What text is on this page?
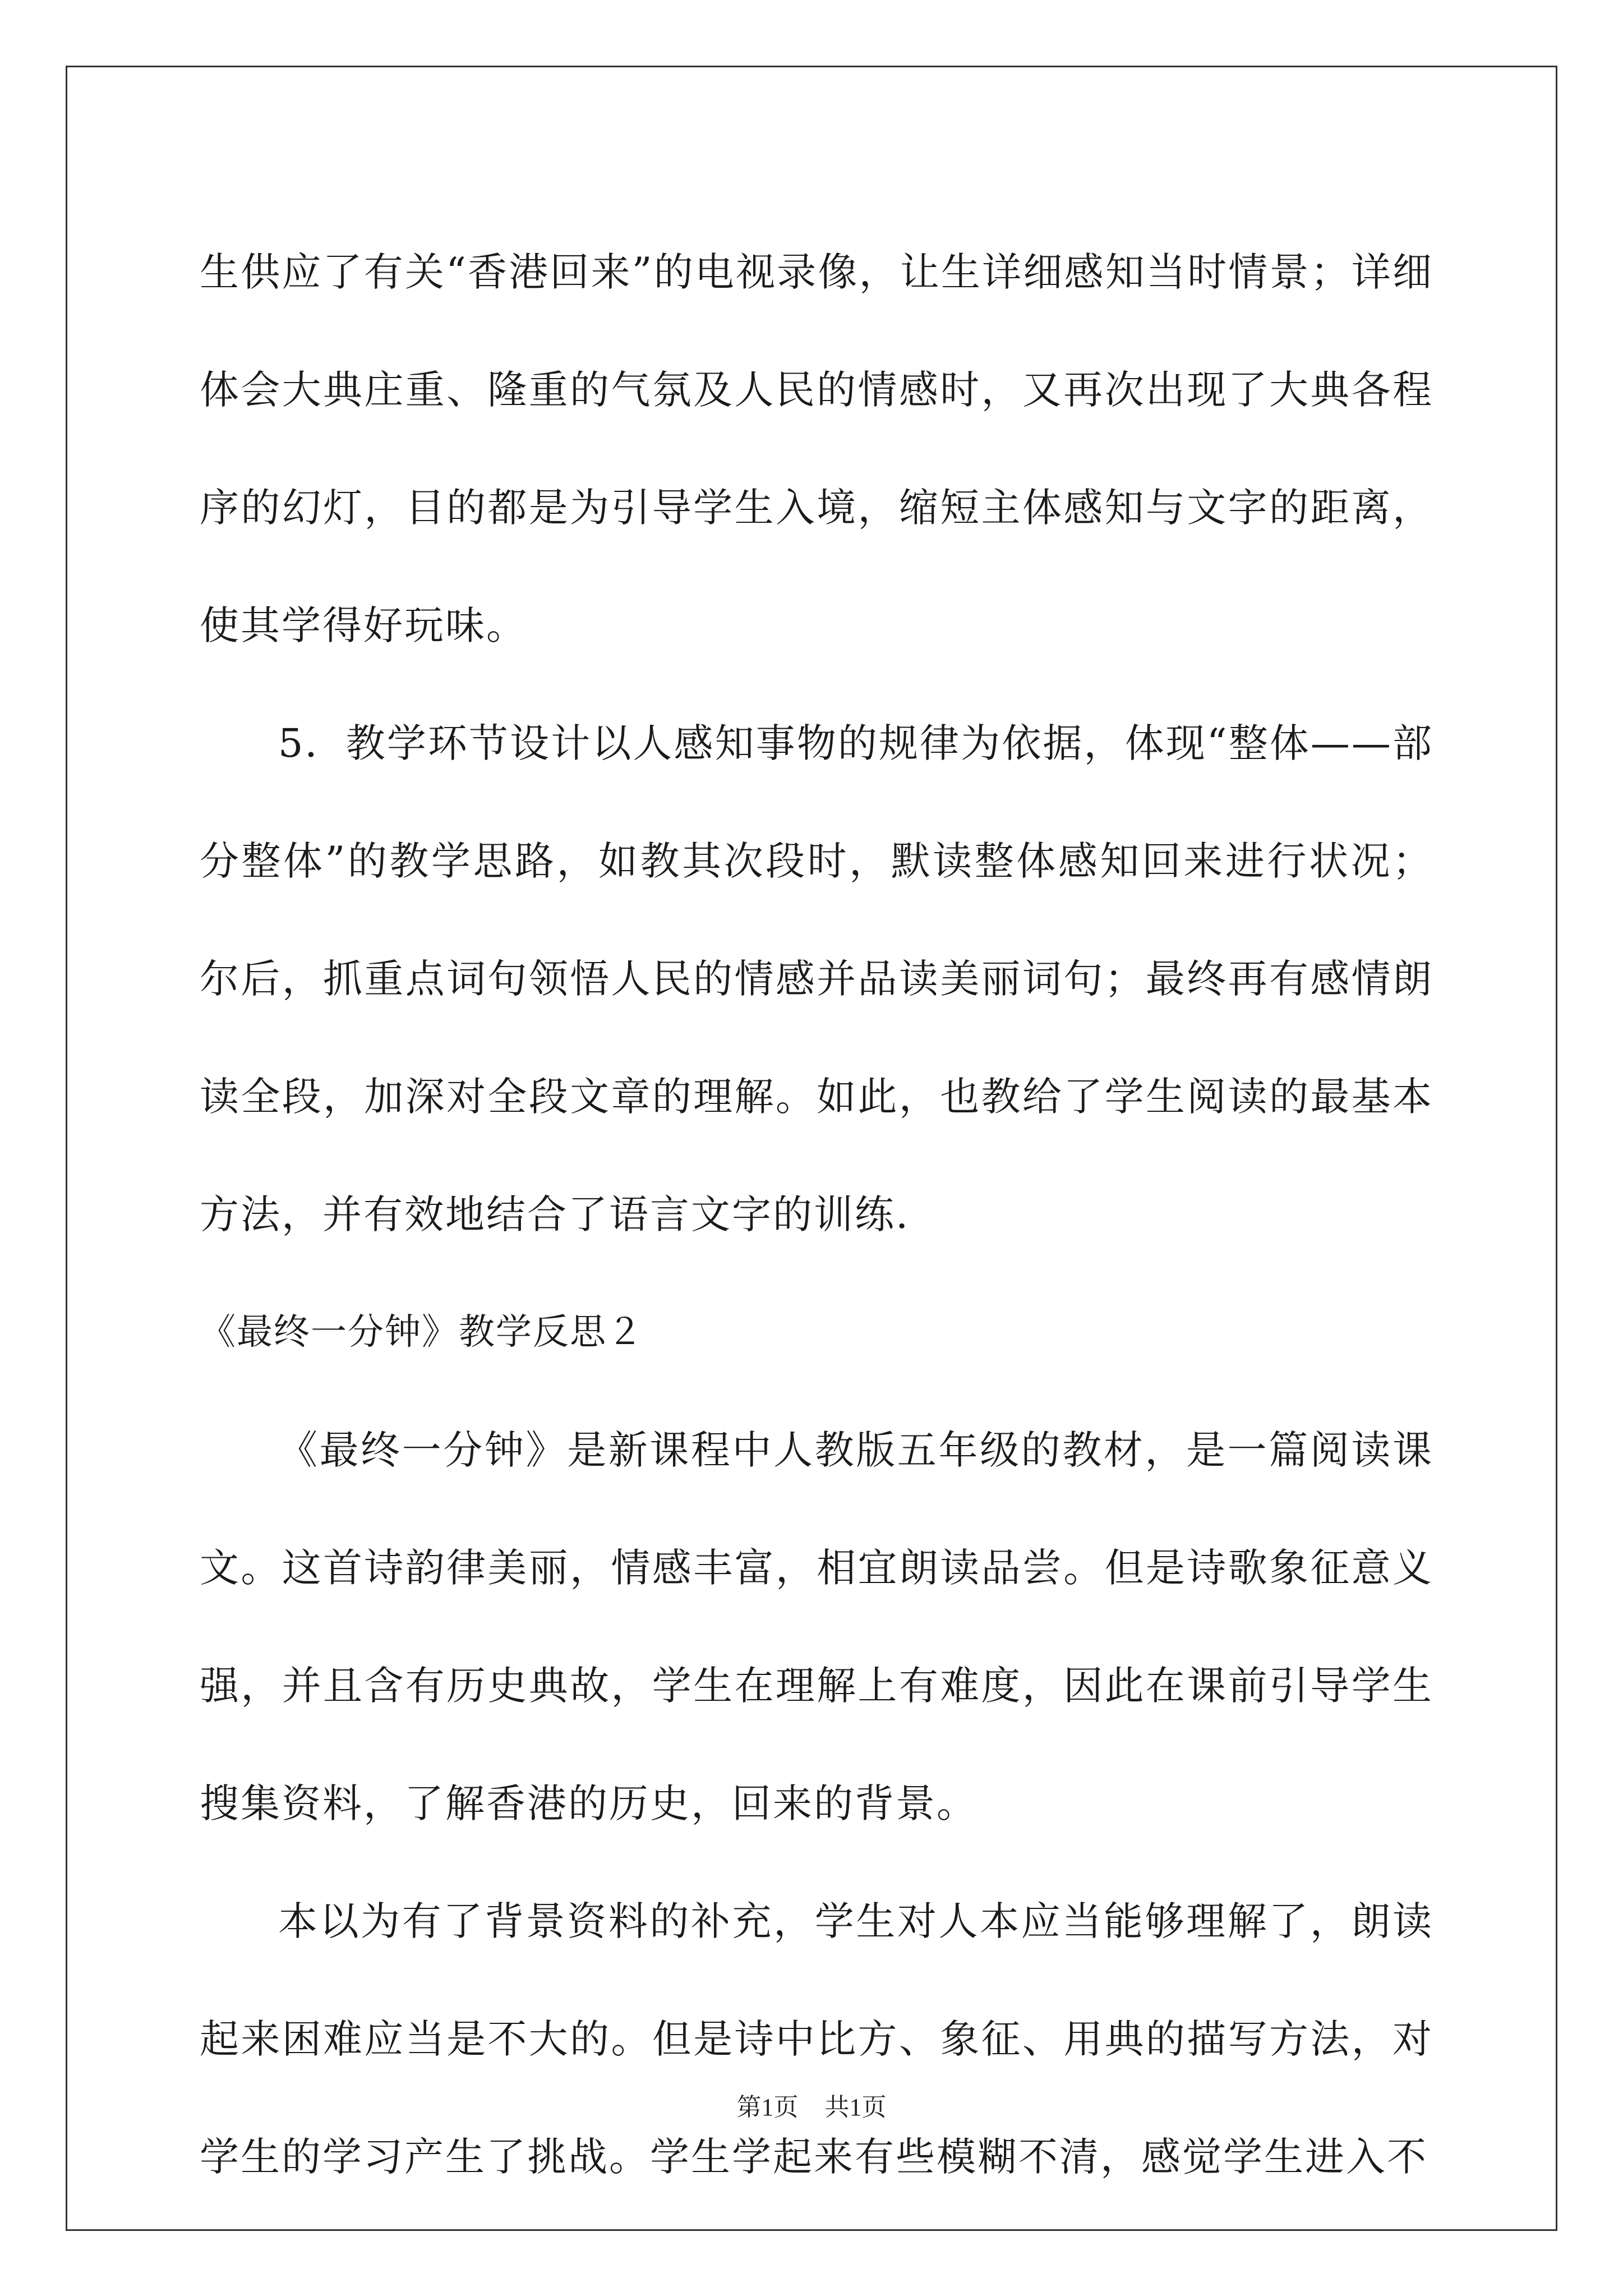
生供应了有关“香港回来”的电视录像，让生详细感知当时情景；详细体会大典庄重、隆重的气氛及人民的情感时，又再次出现了大典各程序的幻灯，目的都是为引导学生入境，缩短主体感知与文字的距离，使其学得好玩味。

5．教学环节设计以人感知事物的规律为依据，体现“整体——部分整体”的教学思路，如教其次段时，默读整体感知回来进行状况；尔后，抓重点词句领悟人民的情感并品读美丽词句；最终再有感情朗读全段，加深对全段文章的理解。如此，也教给了学生阅读的最基本方法，并有效地结合了语言文字的训练.

《最终一分钟》教学反思２

《最终一分钟》是新课程中人教版五年级的教材，是一篇阅读课文。这首诗韵律美丽，情感丰富，相宜朗读品尝。但是诗歌象征意义强，并且含有历史典故，学生在理解上有难度，因此在课前引导学生搜集资料，了解香港的历史，回来的背景。

本以为有了背景资料的补充，学生对人本应当能够理解了，朗读起来困难应当是不大的。但是诗中比方、象征、用典的描写方法，对学生的学习产生了挑战。学生学起来有些模糊不清，感觉学生进入不

第1页 共1页
